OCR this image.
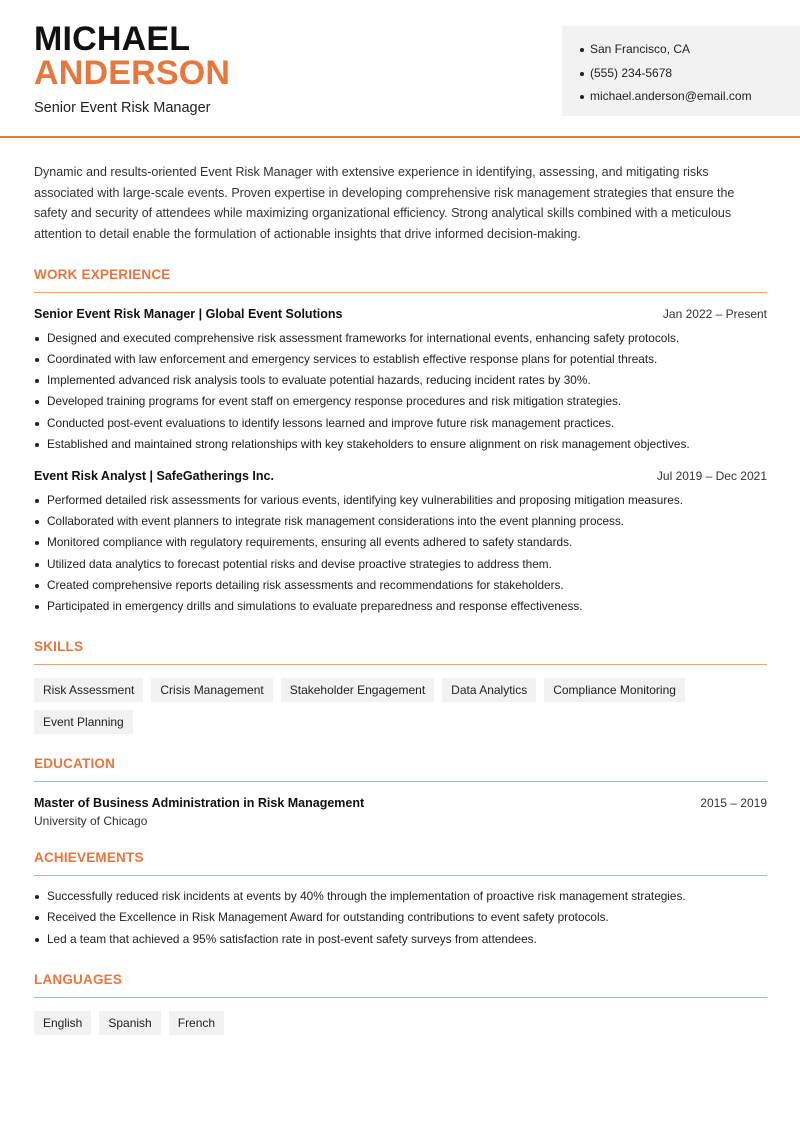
MICHAEL
ANDERSON
Senior Event Risk Manager
San Francisco, CA
(555) 234-5678
michael.anderson@email.com
Dynamic and results-oriented Event Risk Manager with extensive experience in identifying, assessing, and mitigating risks associated with large-scale events. Proven expertise in developing comprehensive risk management strategies that ensure the safety and security of attendees while maximizing organizational efficiency. Strong analytical skills combined with a meticulous attention to detail enable the formulation of actionable insights that drive informed decision-making.
WORK EXPERIENCE
Senior Event Risk Manager | Global Event Solutions	Jan 2022 – Present
Designed and executed comprehensive risk assessment frameworks for international events, enhancing safety protocols.
Coordinated with law enforcement and emergency services to establish effective response plans for potential threats.
Implemented advanced risk analysis tools to evaluate potential hazards, reducing incident rates by 30%.
Developed training programs for event staff on emergency response procedures and risk mitigation strategies.
Conducted post-event evaluations to identify lessons learned and improve future risk management practices.
Established and maintained strong relationships with key stakeholders to ensure alignment on risk management objectives.
Event Risk Analyst | SafeGatherings Inc.	Jul 2019 – Dec 2021
Performed detailed risk assessments for various events, identifying key vulnerabilities and proposing mitigation measures.
Collaborated with event planners to integrate risk management considerations into the event planning process.
Monitored compliance with regulatory requirements, ensuring all events adhered to safety standards.
Utilized data analytics to forecast potential risks and devise proactive strategies to address them.
Created comprehensive reports detailing risk assessments and recommendations for stakeholders.
Participated in emergency drills and simulations to evaluate preparedness and response effectiveness.
SKILLS
Risk Assessment	Crisis Management	Stakeholder Engagement	Data Analytics	Compliance Monitoring
Event Planning
EDUCATION
Master of Business Administration in Risk Management	2015 – 2019
University of Chicago
ACHIEVEMENTS
Successfully reduced risk incidents at events by 40% through the implementation of proactive risk management strategies.
Received the Excellence in Risk Management Award for outstanding contributions to event safety protocols.
Led a team that achieved a 95% satisfaction rate in post-event safety surveys from attendees.
LANGUAGES
English	Spanish	French
